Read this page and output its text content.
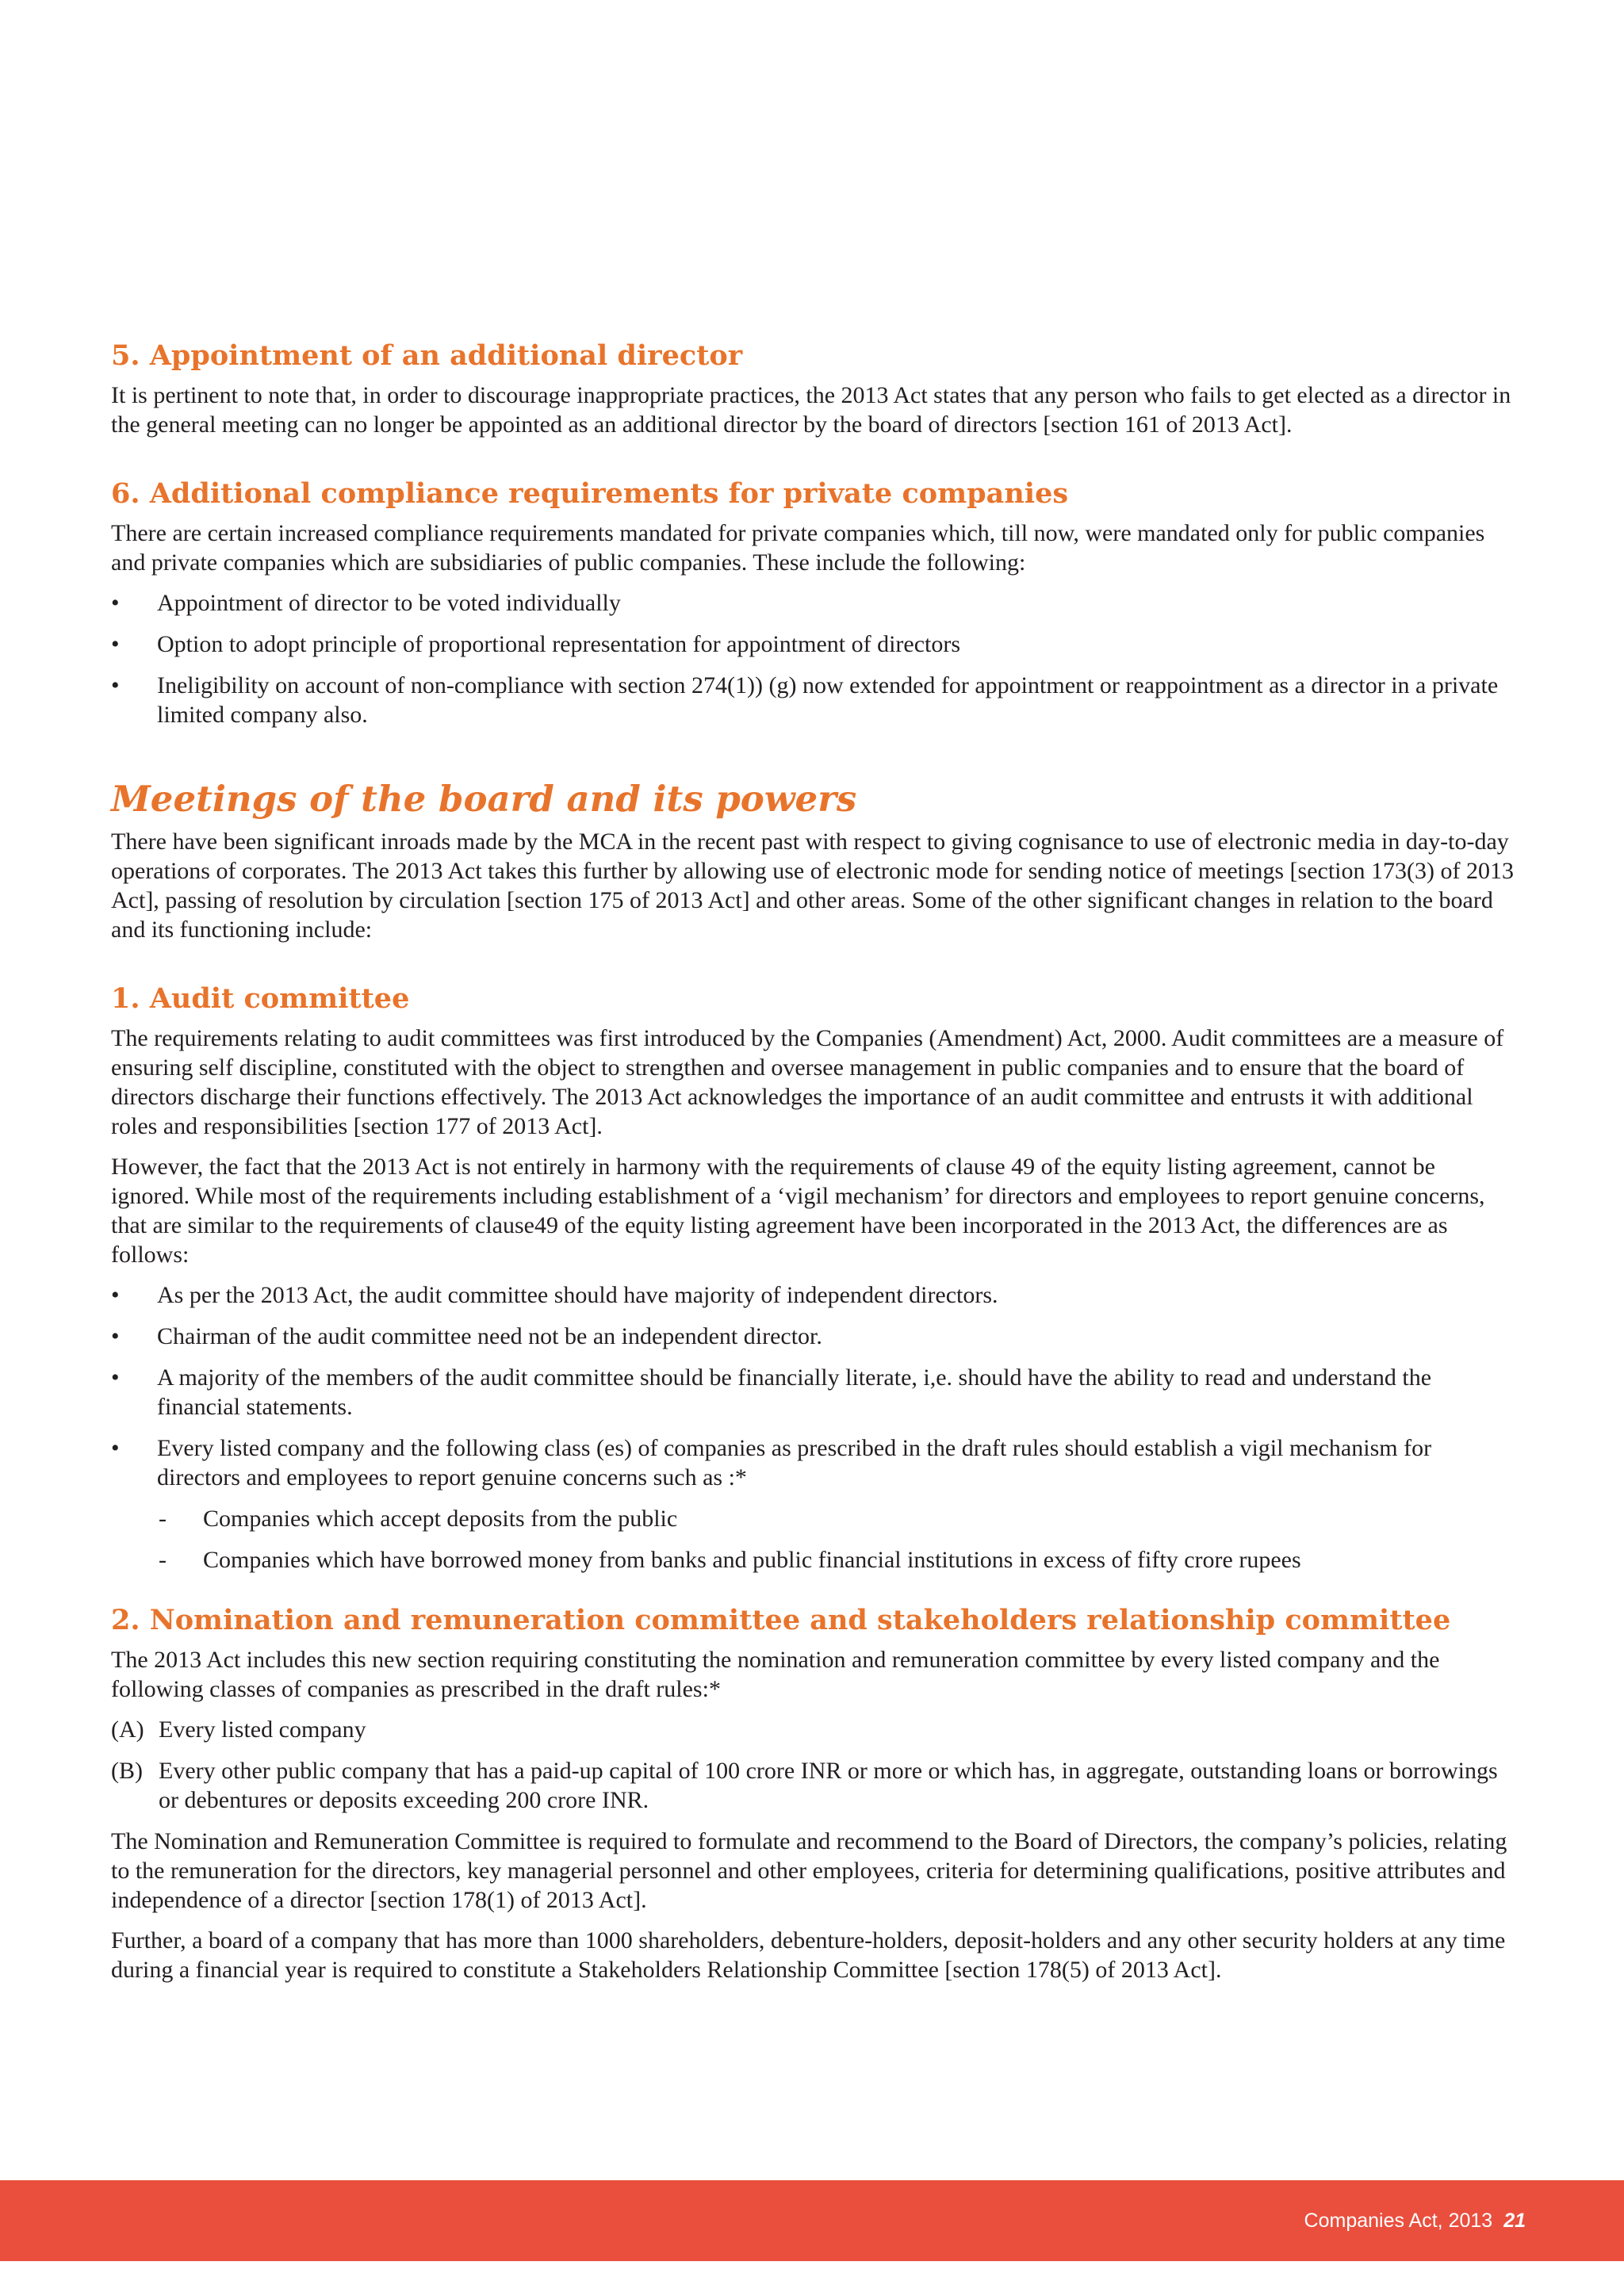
5. Appointment of an additional director

It is pertinent to note that, in order to discourage inappropriate practices, the 2013 Act states that any person who fails to get elected as a director in the general meeting can no longer be appointed as an additional director by the board of directors [section 161 of 2013 Act].

6. Additional compliance requirements for private companies

There are certain increased compliance requirements mandated for private companies which, till now, were mandated only for public companies and private companies which are subsidiaries of public companies. These include the following:

• Appointment of director to be voted individually
• Option to adopt principle of proportional representation for appointment of directors
• Ineligibility on account of non-compliance with section 274(1)) (g) now extended for appointment or reappointment as a director in a private limited company also.
Meetings of the board and its powers

There have been significant inroads made by the MCA in the recent past with respect to giving cognisance to use of electronic media in day-to-day operations of corporates. The 2013 Act takes this further by allowing use of electronic mode for sending notice of meetings [section 173(3) of 2013 Act], passing of resolution by circulation [section 175 of 2013 Act] and other areas. Some of the other significant changes in relation to the board and its functioning include:

1. Audit committee

The requirements relating to audit committees was first introduced by the Companies (Amendment) Act, 2000. Audit committees are a measure of ensuring self discipline, constituted with the object to strengthen and oversee management in public companies and to ensure that the board of directors discharge their functions effectively. The 2013 Act acknowledges the importance of an audit committee and entrusts it with additional roles and responsibilities [section 177 of 2013 Act].

However, the fact that the 2013 Act is not entirely in harmony with the requirements of clause 49 of the equity listing agreement, cannot be ignored. While most of the requirements including establishment of a ‘vigil mechanism’ for directors and employees to report genuine concerns, that are similar to the requirements of clause49 of the equity listing agreement have been incorporated in the 2013 Act, the differences are as follows:

• As per the 2013 Act, the audit committee should have majority of independent directors.
• Chairman of the audit committee need not be an independent director.
• A majority of the members of the audit committee should be financially literate, i,e. should have the ability to read and understand the financial statements.
• Every listed company and the following class (es) of companies as prescribed in the draft rules should establish a vigil mechanism for directors and employees to report genuine concerns such as :*
- Companies which accept deposits from the public
- Companies which have borrowed money from banks and public financial institutions in excess of fifty crore rupees
2. Nomination and remuneration committee and stakeholders relationship committee

The 2013 Act includes this new section requiring constituting the nomination and remuneration committee by every listed company and the following classes of companies as prescribed in the draft rules:*

(A) Every listed company
(B) Every other public company that has a paid-up capital of 100 crore INR or more or which has, in aggregate, outstanding loans or borrowings or debentures or deposits exceeding 200 crore INR.

The Nomination and Remuneration Committee is required to formulate and recommend to the Board of Directors, the company’s policies, relating to the remuneration for the directors, key managerial personnel and other employees, criteria for determining qualifications, positive attributes and independence of a director [section 178(1) of 2013 Act].

Further, a board of a company that has more than 1000 shareholders, debenture-holders, deposit-holders and any other security holders at any time during a financial year is required to constitute a Stakeholders Relationship Committee [section 178(5) of 2013 Act].

Companies Act, 2013 21
